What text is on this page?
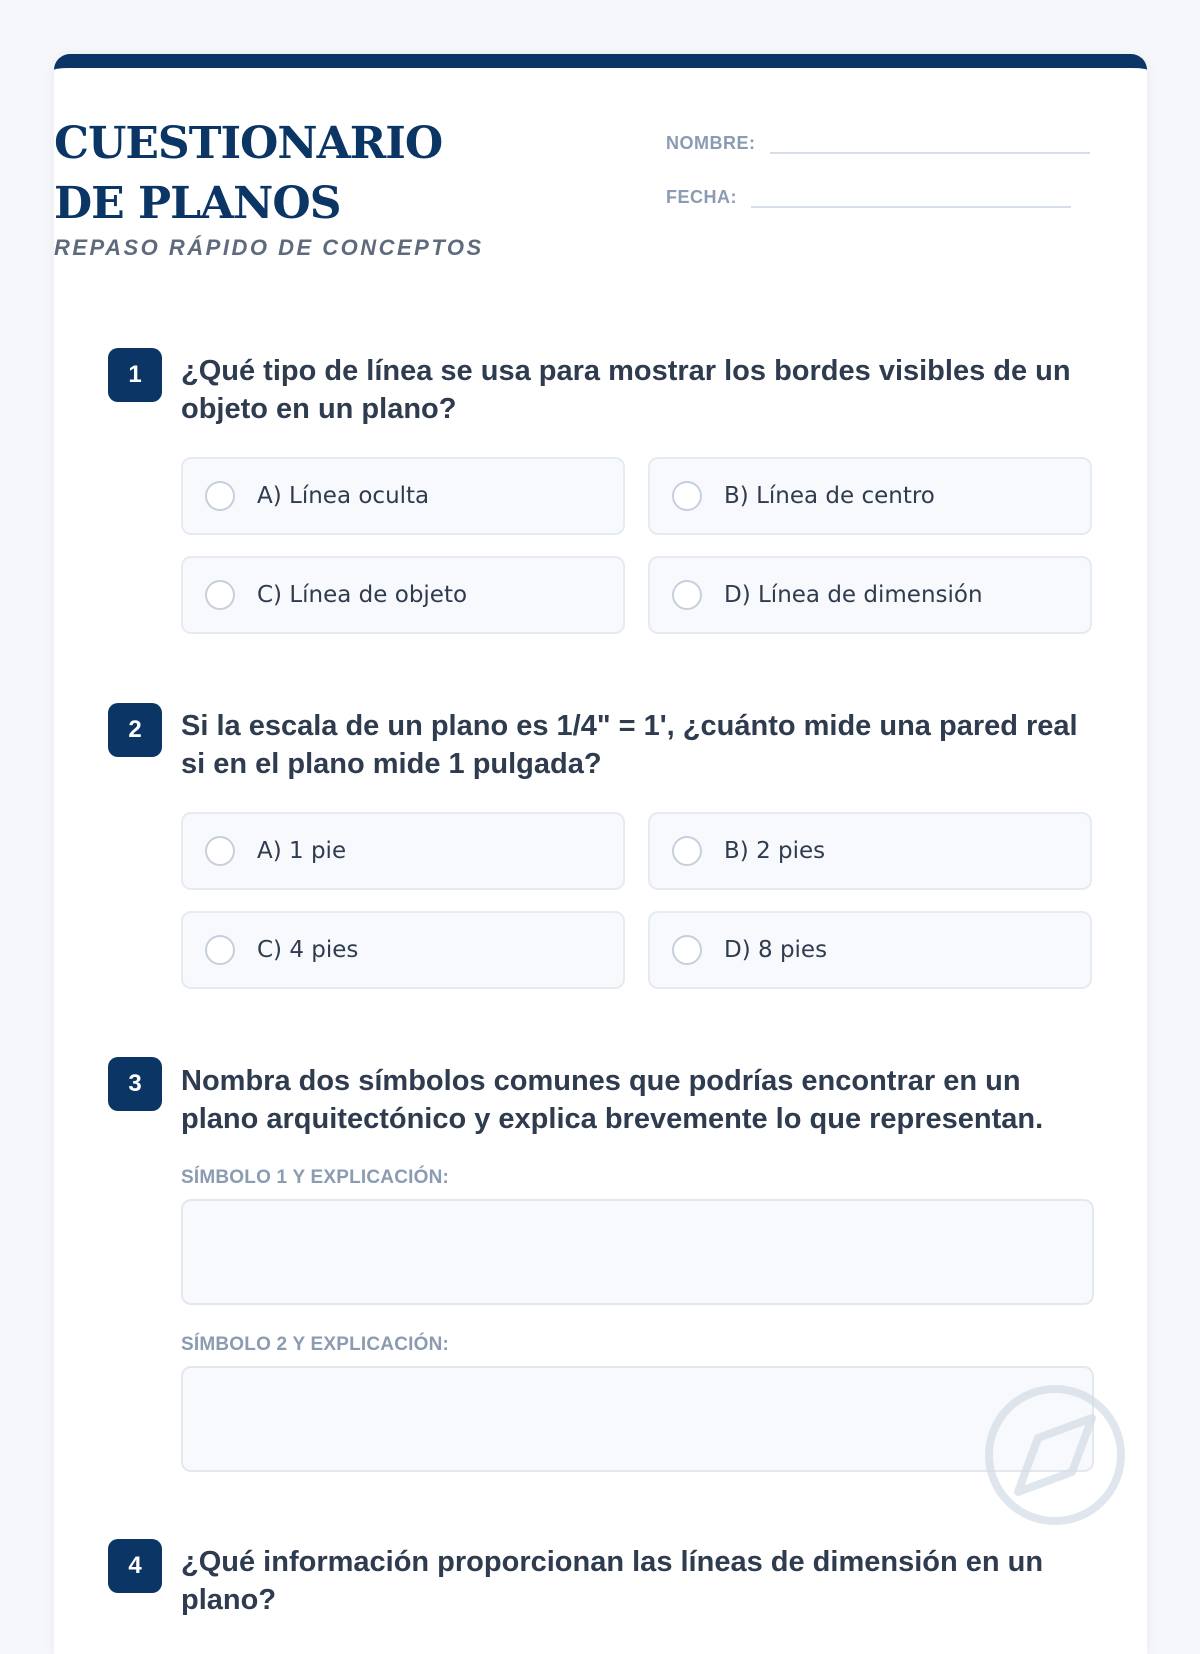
CUESTIONARIO DE PLANOS

REPASO RÁPIDO DE CONCEPTOS

NOMBRE:
FECHA:
1	¿Qué tipo de línea se usa para mostrar los bordes visibles de un objeto en un plano?

A) Línea oculta	B) Línea de centro
C) Línea de objeto	D) Línea de dimensión
2	Si la escala de un plano es 1/4" = 1', ¿cuánto mide una pared real si en el plano mide 1 pulgada?

A) 1 pie	B) 2 pies
C) 4 pies	D) 8 pies
3	Nombra dos símbolos comunes que podrías encontrar en un plano arquitectónico y explica brevemente lo que representan.

SÍMBOLO 1 Y EXPLICACIÓN:

SÍMBOLO 2 Y EXPLICACIÓN:

4	¿Qué información proporcionan las líneas de dimensión en un plano?
